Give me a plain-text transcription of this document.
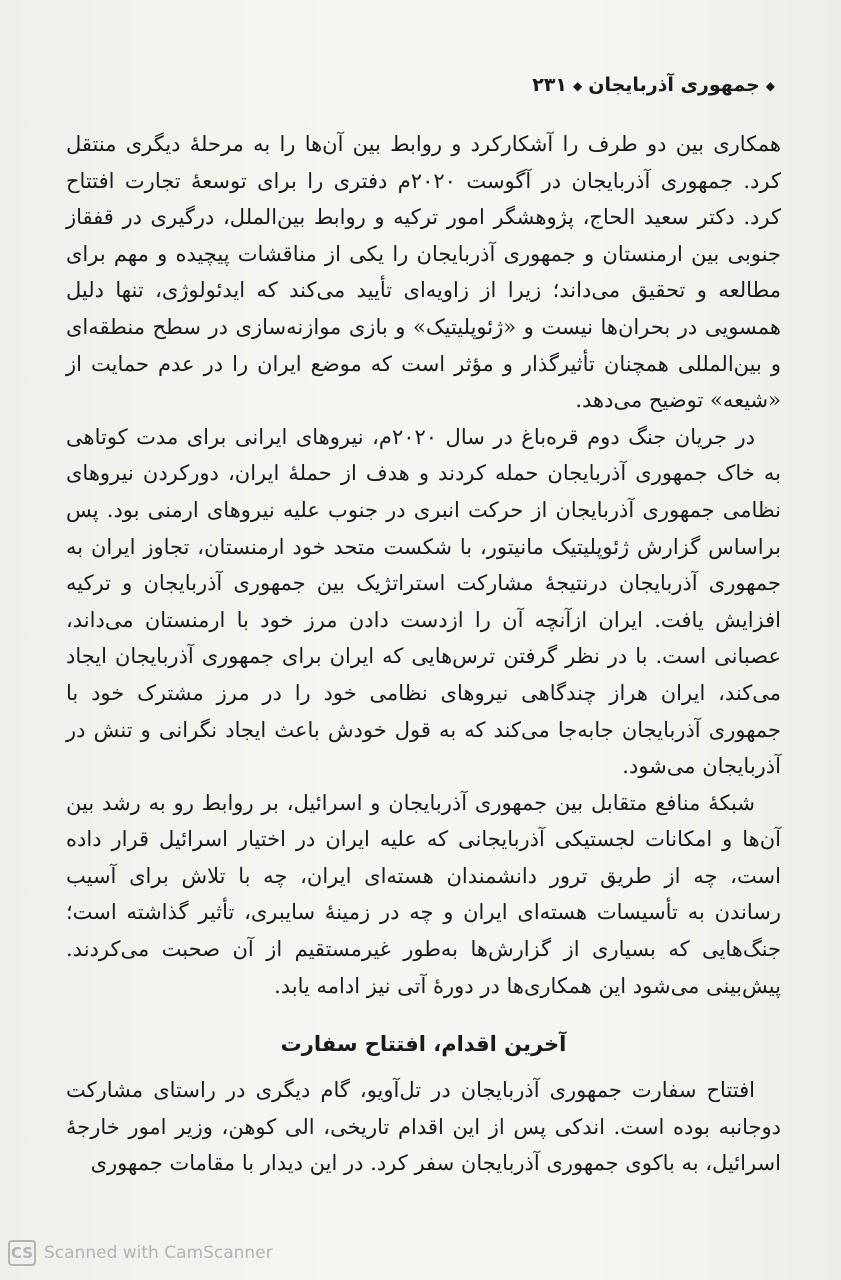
◆جمهوری آذربایجان◆۲۳۱

همکاری بین دو طرف را آشکارکرد و روابط بین آن‌ها را به مرحلهٔ دیگری منتقل کرد. جمهوری آذربایجان در آگوست ۲۰۲۰م دفتری را برای توسعهٔ تجارت افتتاح کرد. دکتر سعید الحاج، پژوهشگر امور ترکیه و روابط بین‌الملل، درگیری در قفقاز جنوبی بین ارمنستان و جمهوری آذربایجان را یکی از مناقشات پیچیده و مهم برای مطالعه و تحقیق می‌داند؛ زیرا از زاویه‌ای تأیید می‌کند که ایدئولوژی، تنها دلیل همسویی در بحران‌ها نیست و «ژئوپلیتیک» و بازی موازنه‌سازی در سطح منطقه‌ای و بین‌المللی همچنان تأثیرگذار و مؤثر است که موضع ایران را در عدم حمایت از «شیعه» توضیح می‌دهد.

در جریان جنگ دوم قره‌باغ در سال ۲۰۲۰م، نیروهای ایرانی برای مدت کوتاهی به خاک جمهوری آذربایجان حمله کردند و هدف از حملهٔ ایران، دورکردن نیروهای نظامی جمهوری آذربایجان از حرکت انبری در جنوب علیه نیروهای ارمنی بود. پس براساس گزارش ژئوپلیتیک مانیتور، با شکست متحد خود ارمنستان، تجاوز ایران به جمهوری آذربایجان درنتیجهٔ مشارکت استراتژیک بین جمهوری آذربایجان و ترکیه افزایش یافت. ایران ازآنچه آن را ازدست دادن مرز خود با ارمنستان می‌داند، عصبانی است. با در نظر گرفتن ترس‌هایی که ایران برای جمهوری آذربایجان ایجاد می‌کند، ایران هراز چندگاهی نیروهای نظامی خود را در مرز مشترک خود با جمهوری آذربایجان جابه‌جا می‌کند که به قول خودش باعث ایجاد نگرانی و تنش در آذربایجان می‌شود.

شبکهٔ منافع متقابل بین جمهوری آذربایجان و اسرائیل، بر روابط رو به رشد بین آن‌ها و امکانات لجستیکی آذربایجانی که علیه ایران در اختیار اسرائیل قرار داده است، چه از طریق ترور دانشمندان هسته‌ای ایران، چه با تلاش برای آسیب رساندن به تأسیسات هسته‌ای ایران و چه در زمینهٔ سایبری، تأثیر گذاشته است؛ جنگ‌هایی که بسیاری از گزارش‌ها به‌طور غیرمستقیم از آن صحبت می‌کردند. پیش‌بینی می‌شود این همکاری‌ها در دورهٔ آتی نیز ادامه یابد.

آخرین اقدام، افتتاح سفارت

افتتاح سفارت جمهوری آذربایجان در تل‌آویو، گام دیگری در راستای مشارکت دوجانبه بوده است. اندکی پس از این اقدام تاریخی، الی کوهن، وزیر امور خارجهٔ اسرائیل، به باکوی جمهوری آذربایجان سفر کرد. در این دیدار با مقامات جمهوری

CS Scanned with CamScanner
